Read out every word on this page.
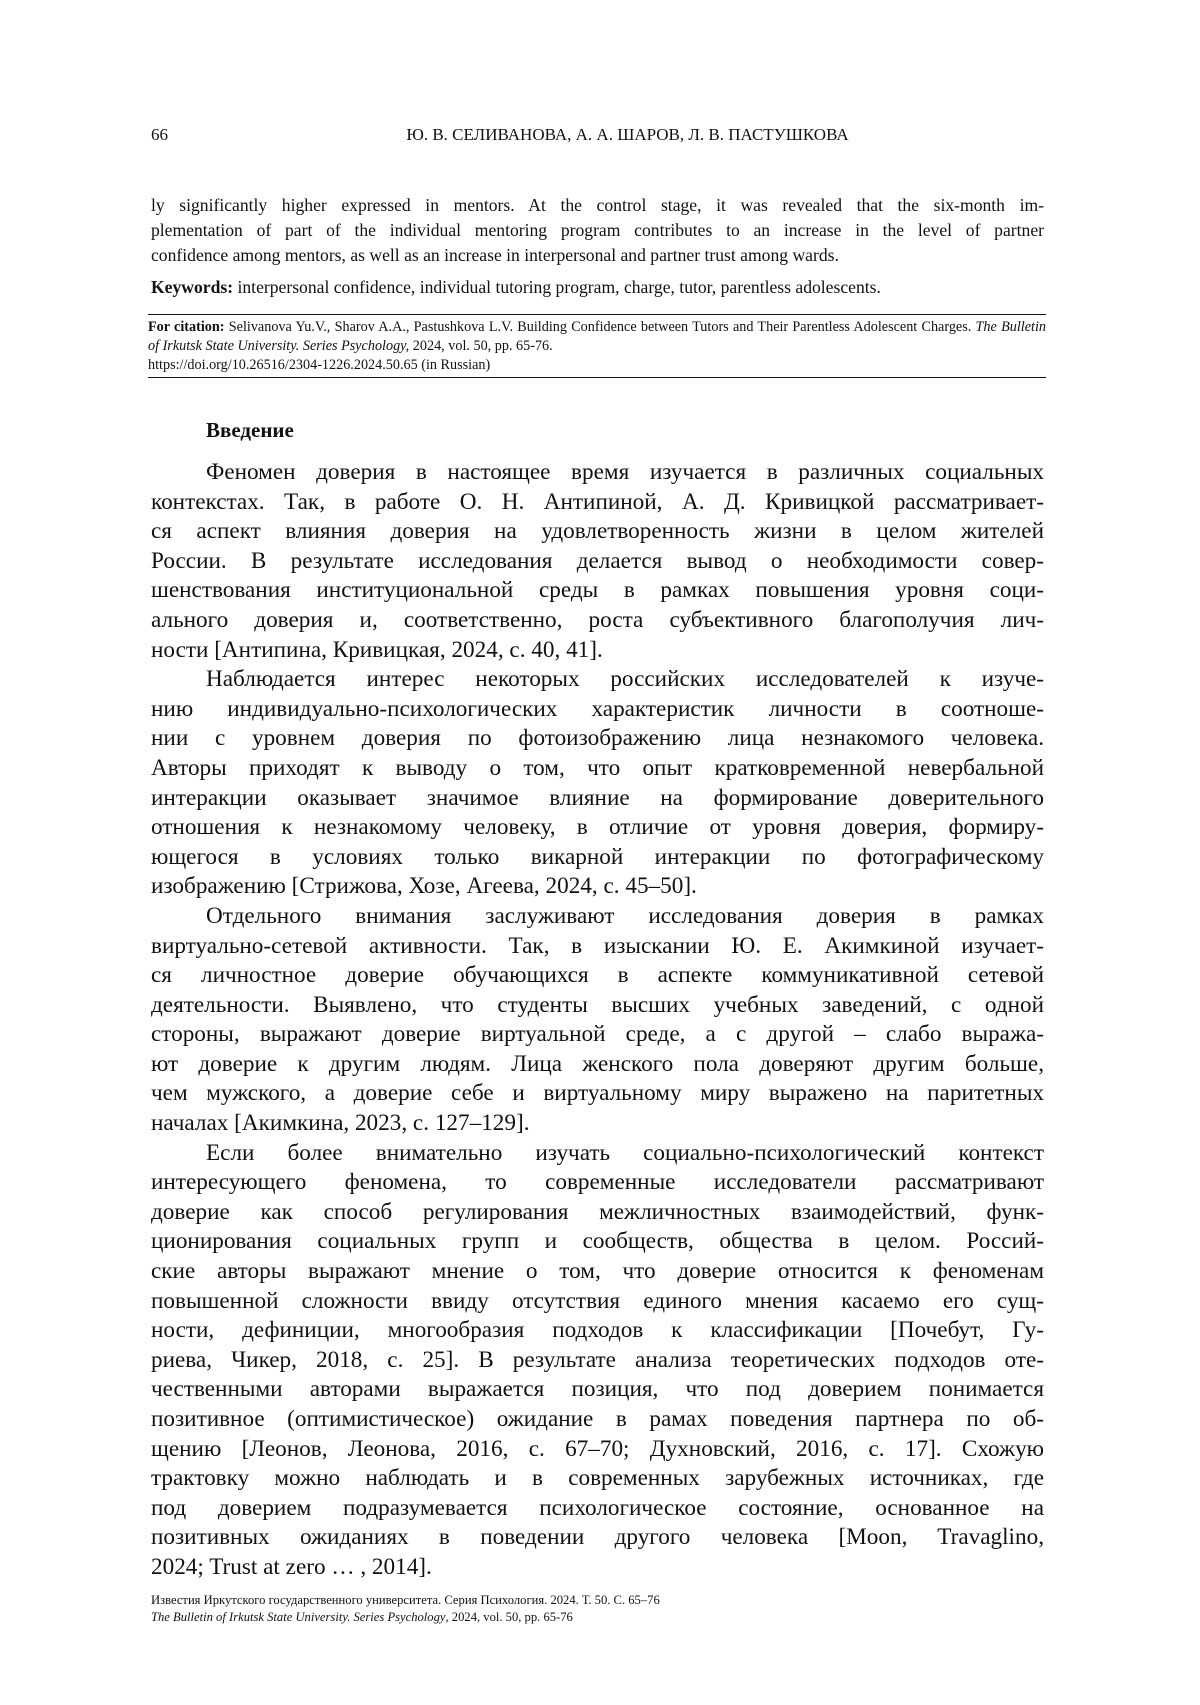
66	Ю. В. СЕЛИВАНОВА, А. А. ШАРОВ, Л. В. ПАСТУШКОВА

ly significantly higher expressed in mentors. At the control stage, it was revealed that the six-month im-

plementation of part of the individual mentoring program contributes to an increase in the level of partner

confidence among mentors, as well as an increase in interpersonal and partner trust among wards.

Keywords: interpersonal confidence, individual tutoring program, charge, tutor, parentless adolescents.
For citation: Selivanova Yu.V., Sharov A.A., Pastushkova L.V. Building Confidence between Tutors and Their Parentless Adolescent Charges. The Bulletin of Irkutsk State University. Series Psychology, 2024, vol. 50, pp. 65-76.
https://doi.org/10.26516/2304-1226.2024.50.65 (in Russian)
Введение
Феномен доверия в настоящее время изучается в различных социальных
контекстах. Так, в работе О. Н. Антипиной, А. Д. Кривицкой рассматривает-
ся аспект влияния доверия на удовлетворенность жизни в целом жителей
России. В результате исследования делается вывод о необходимости совер-
шенствования институциональной среды в рамках повышения уровня соци-
ального доверия и, соответственно, роста субъективного благополучия лич-
ности [Антипина, Кривицкая, 2024, с. 40, 41].
Наблюдается интерес некоторых российских исследователей к изуче-
нию индивидуально-психологических характеристик личности в соотноше-
нии с уровнем доверия по фотоизображению лица незнакомого человека.
Авторы приходят к выводу о том, что опыт кратковременной невербальной
интеракции оказывает значимое влияние на формирование доверительного
отношения к незнакомому человеку, в отличие от уровня доверия, формиру-
ющегося в условиях только викарной интеракции по фотографическому
изображению [Стрижова, Хозе, Агеева, 2024, с. 45–50].
Отдельного внимания заслуживают исследования доверия в рамках
виртуально-сетевой активности. Так, в изыскании Ю. Е. Акимкиной изучает-
ся личностное доверие обучающихся в аспекте коммуникативной сетевой
деятельности. Выявлено, что студенты высших учебных заведений, с одной
стороны, выражают доверие виртуальной среде, а с другой – слабо выража-
ют доверие к другим людям. Лица женского пола доверяют другим больше,
чем мужского, а доверие себе и виртуальному миру выражено на паритетных
началах [Акимкина, 2023, с. 127–129].
Если более внимательно изучать социально-психологический контекст
интересующего феномена, то современные исследователи рассматривают
доверие как способ регулирования межличностных взаимодействий, функ-
ционирования социальных групп и сообществ, общества в целом. Россий-
ские авторы выражают мнение о том, что доверие относится к феноменам
повышенной сложности ввиду отсутствия единого мнения касаемо его сущ-
ности, дефиниции, многообразия подходов к классификации [Почебут, Гу-
риева, Чикер, 2018, с. 25]. В результате анализа теоретических подходов оте-
чественными авторами выражается позиция, что под доверием понимается
позитивное (оптимистическое) ожидание в рамах поведения партнера по об-
щению [Леонов, Леонова, 2016, с. 67–70; Духновский, 2016, с. 17]. Схожую
трактовку можно наблюдать и в современных зарубежных источниках, где
под доверием подразумевается психологическое состояние, основанное на
позитивных ожиданиях в поведении другого человека [Moon, Travaglino,
2024; Trust at zero … , 2014].
Известия Иркутского государственного университета. Серия Психология. 2024. Т. 50. С. 65–76
The Bulletin of Irkutsk State University. Series Psychology, 2024, vol. 50, pp. 65-76
